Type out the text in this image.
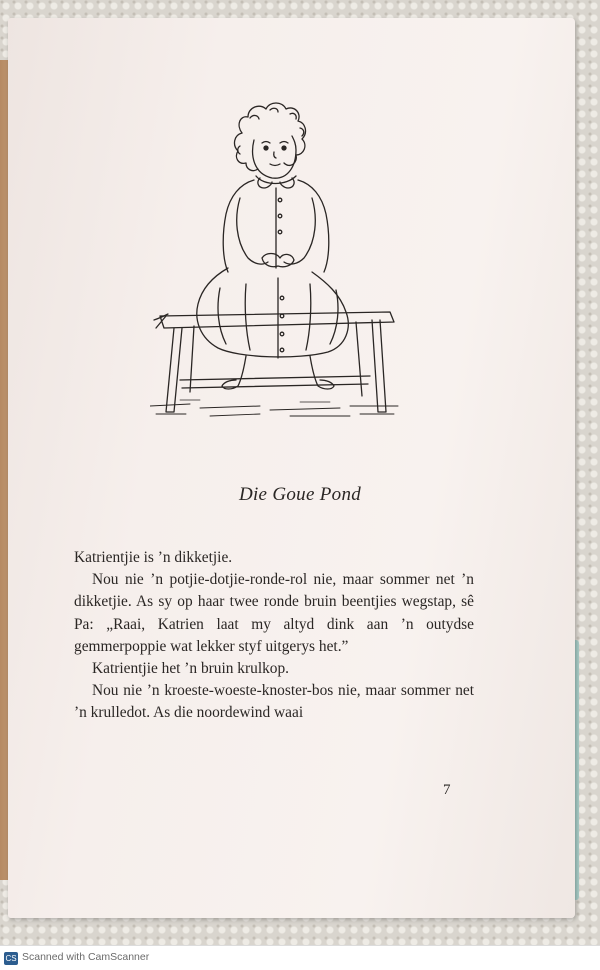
Die Goue Pond

Katrientjie is ’n dikketjie.

Nou nie ’n potjie-dotjie-ronde-rol nie, maar sommer net ’n dikketjie. As sy op haar twee ronde bruin beentjies wegstap, sê Pa: „Raai, Katrien laat my altyd dink aan ’n outydse gemmerpoppie wat lekker styf uitgerys het.”

Katrientjie het ’n bruin krulkop.

Nou nie ’n kroeste-woeste-knoster-bos nie, maar sommer net ’n krulledot. As die noordewind waai

7
CS Scanned with CamScanner
